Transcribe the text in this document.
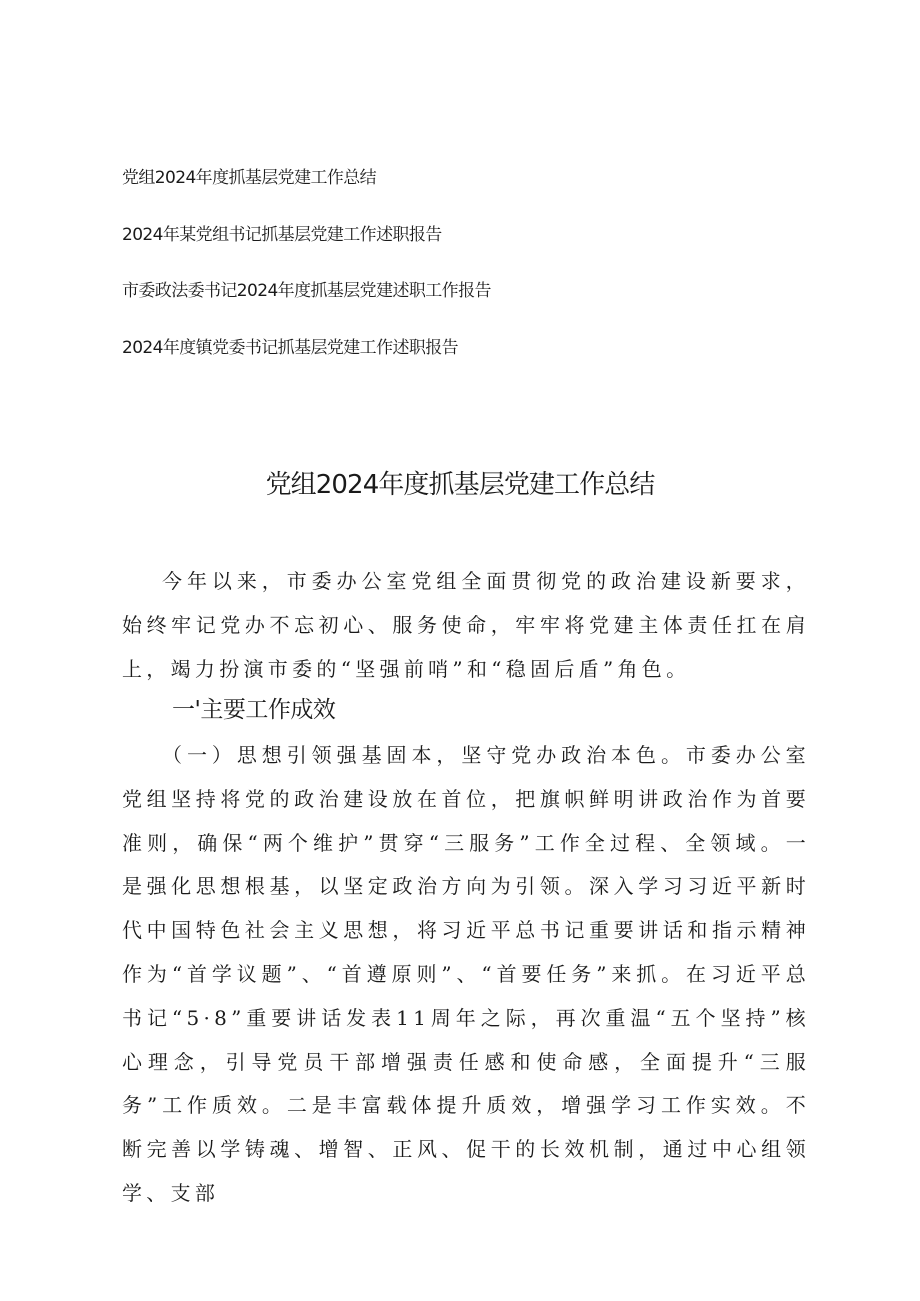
党组2024年度抓基层党建工作总结
2024年某党组书记抓基层党建工作述职报告
市委政法委书记2024年度抓基层党建述职工作报告
2024年度镇党委书记抓基层党建工作述职报告
党组2024年度抓基层党建工作总结

今年以来，市委办公室党组全面贯彻党的政治建设新要求，始终牢记党办不忘初心、服务使命，牢牢将党建主体责任扛在肩上，竭力扮演市委的“坚强前哨”和“稳固后盾”角色。

一'主要工作成效

（一）思想引领强基固本，坚守党办政治本色。市委办公室党组坚持将党的政治建设放在首位，把旗帜鲜明讲政治作为首要准则，确保“两个维护”贯穿“三服务”工作全过程、全领域。一是强化思想根基，以坚定政治方向为引领。深入学习习近平新时代中国特色社会主义思想，将习近平总书记重要讲话和指示精神作为“首学议题”、“首遵原则”、“首要任务”来抓。在习近平总书记“5·8”重要讲话发表11周年之际，再次重温“五个坚持”核心理念，引导党员干部增强责任感和使命感，全面提升“三服务”工作质效。二是丰富载体提升质效，增强学习工作实效。不断完善以学铸魂、增智、正风、促干的长效机制，通过中心组领学、支部
